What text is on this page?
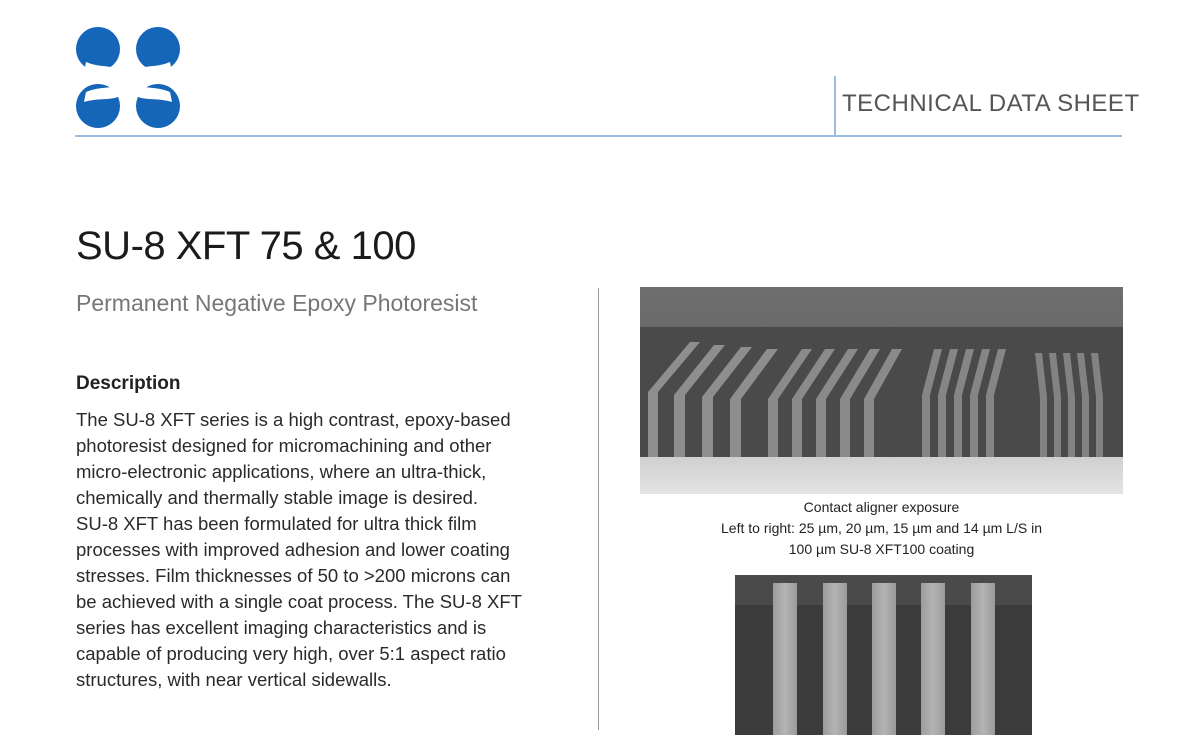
TECHNICAL DATA SHEET
SU-8 XFT 75 & 100
Permanent Negative Epoxy Photoresist
Description
The SU-8 XFT series is a high contrast, epoxy-based
photoresist designed for micromachining and other
micro-electronic applications, where an ultra-thick,
chemically and thermally stable image is desired.
SU-8 XFT has been formulated for ultra thick film
processes with improved adhesion and lower coating
stresses. Film thicknesses of 50 to >200 microns can
be achieved with a single coat process. The SU-8 XFT
series has excellent imaging characteristics and is
capable of producing very high, over 5:1 aspect ratio
structures, with near vertical sidewalls.
Contact aligner exposure
Left to right: 25 µm, 20 µm, 15 µm and 14 µm L/S in
100 µm SU-8 XFT100 coating
